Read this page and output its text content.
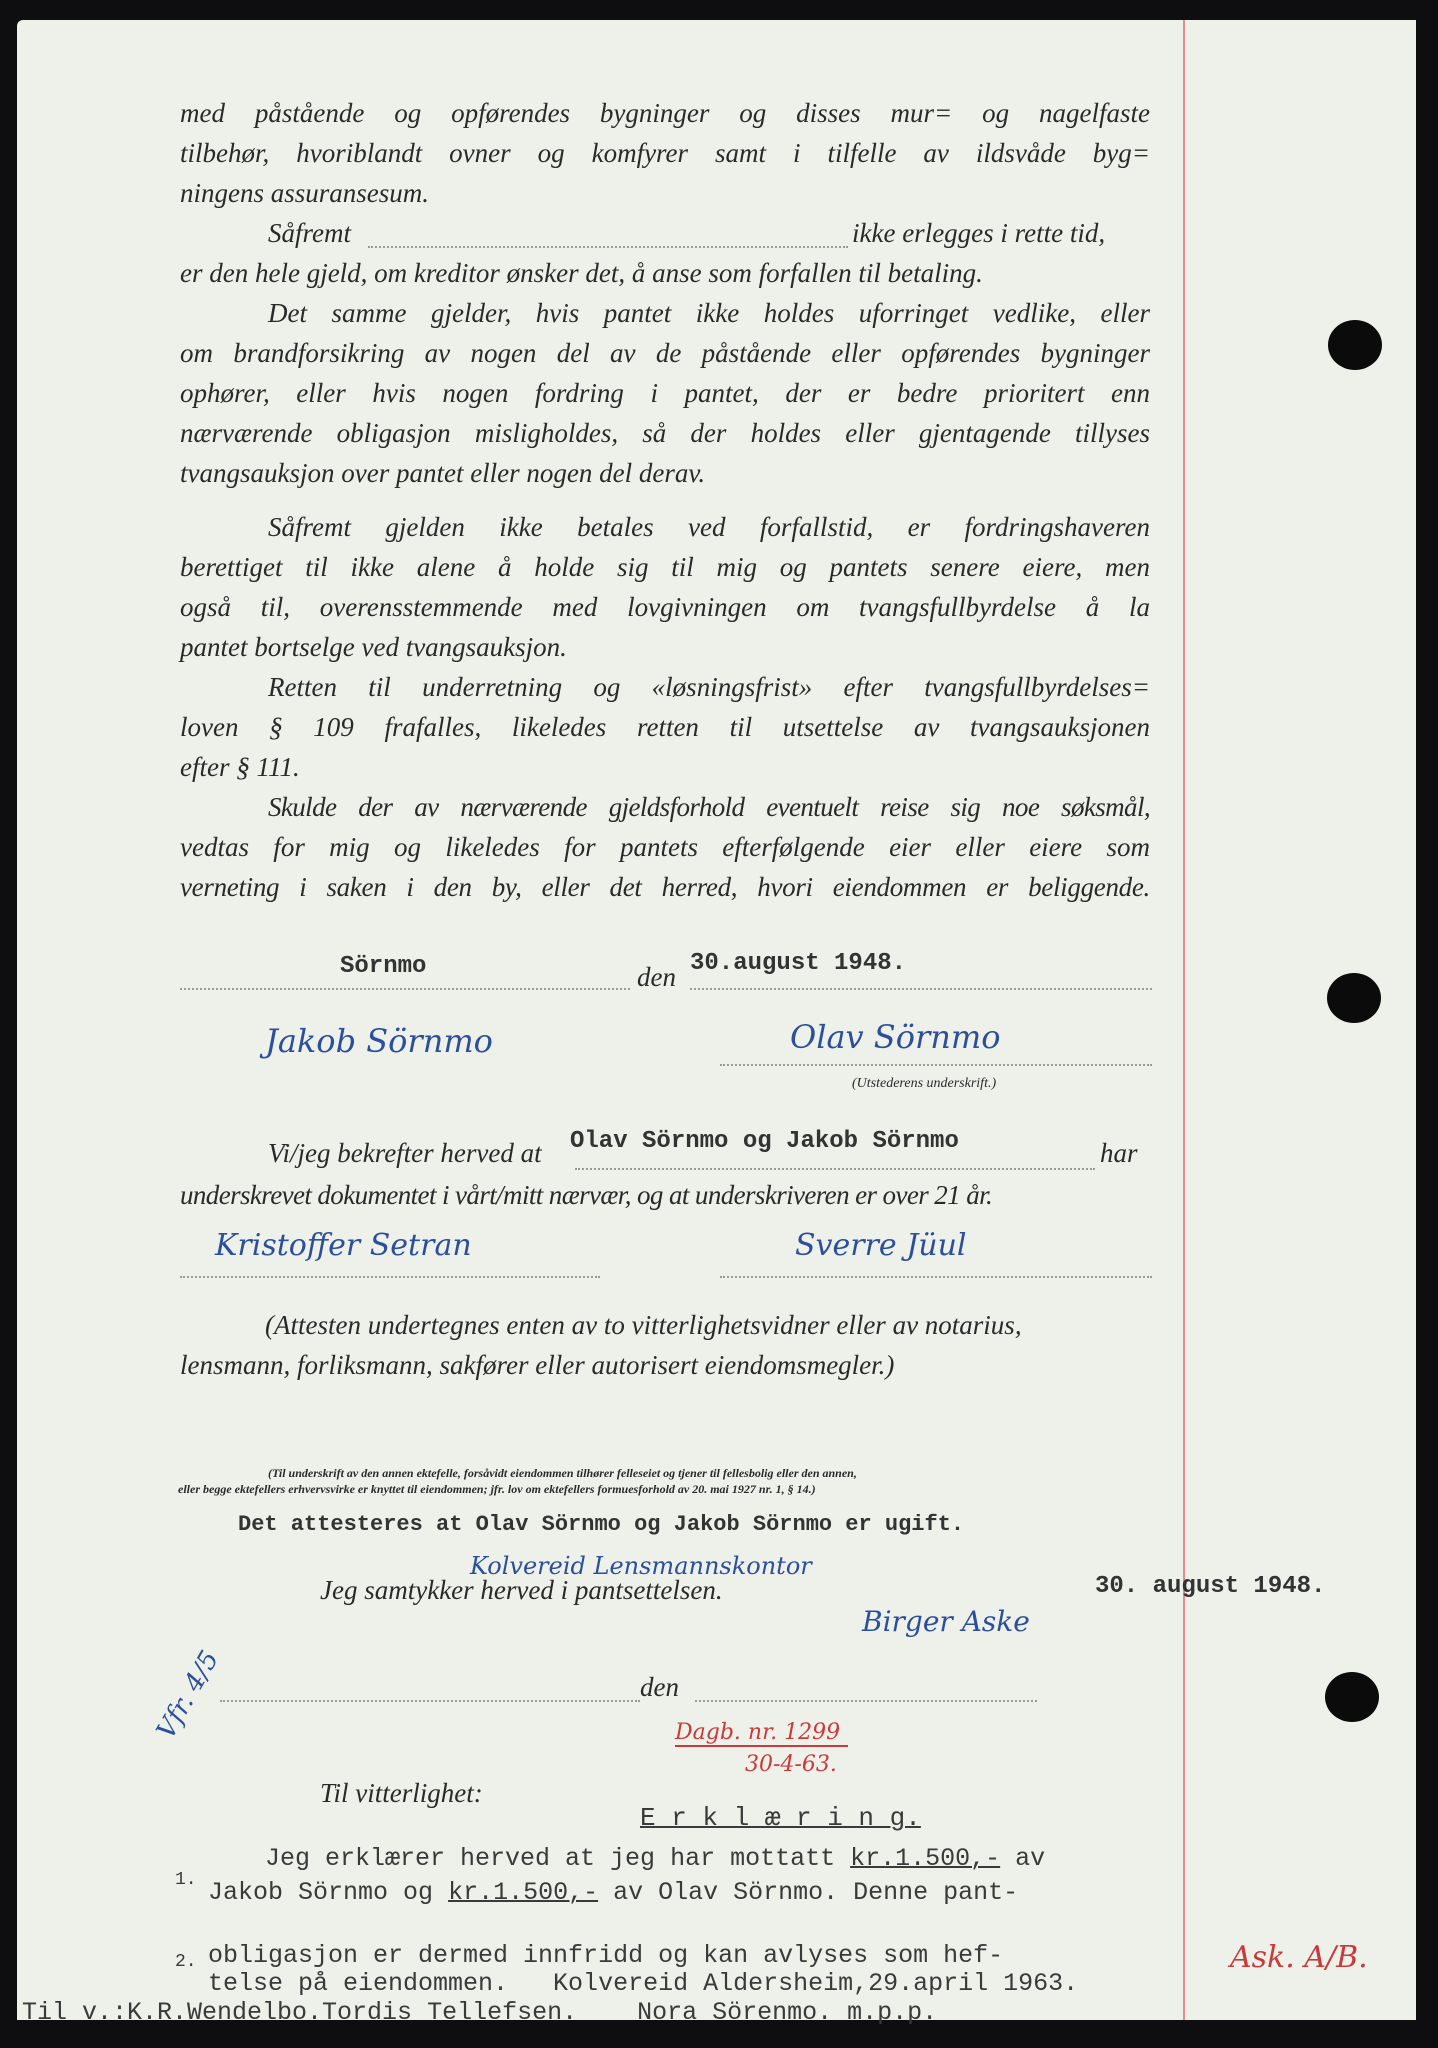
med påstående og opførendes bygninger og disses mur= og nagelfaste
tilbehør, hvoriblandt ovner og komfyrer samt i tilfelle av ildsvåde byg=
ningens assuransesum.
Såfremt	ikke erlegges i rette tid,
er den hele gjeld, om kreditor ønsker det, å anse som forfallen til betaling.
Det samme gjelder, hvis pantet ikke holdes uforringet vedlike, eller
om brandforsikring av nogen del av de påstående eller opførendes bygninger
ophører, eller hvis nogen fordring i pantet, der er bedre prioritert enn
nærværende obligasjon misligholdes, så der holdes eller gjentagende tillyses
tvangsauksjon over pantet eller nogen del derav.
Såfremt gjelden ikke betales ved forfallstid, er fordringshaveren
berettiget til ikke alene å holde sig til mig og pantets senere eiere, men
også til, overensstemmende med lovgivningen om tvangsfullbyrdelse å la
pantet bortselge ved tvangsauksjon.
Retten til underretning og «løsningsfrist» efter tvangsfullbyrdelses=
loven § 109 frafalles, likeledes retten til utsettelse av tvangsauksjonen
efter § 111.
Skulde der av nærværende gjeldsforhold eventuelt reise sig noe søksmål,
vedtas for mig og likeledes for pantets efterfølgende eier eller eiere som
verneting i saken i den by, eller det herred, hvori eiendommen er beliggende.
Sörnmo	den 30.august 1948.
Jakob Sörnmo	Olav Sörnmo
(Utstederens underskrift.)
Vi/jeg bekrefter herved at Olav Sörnmo og Jakob Sörnmo	har
underskrevet dokumentet i vårt/mitt nærvær, og at underskriveren er over 21 år.
Kristoffer Setran	Sverre Jüul
(Attesten undertegnes enten av to vitterlighetsvidner eller av notarius,
lensmann, forliksmann, sakfører eller autorisert eiendomsmegler.)
(Til underskrift av den annen ektefelle, forsåvidt eiendommen tilhører felleseiet og tjener til fellesbolig eller den annen,
eller begge ektefellers erhvervsvirke er knyttet til eiendommen; jfr. lov om ektefellers formuesforhold av 20. mai 1927 nr. 1, § 14.)
Det attesteres at Olav Sörnmo og Jakob Sörnmo er ugift.
Kolvereid Lensmannskontor
Jeg samtykker herved i pantsettelsen.	30. august 1948.
Birger Aske
den
Vfr. 4/5	Dagb. nr. 1299
30-4-63.
Til vitterlighet:
E r k l æ r i n g.
Jeg erklærer herved at jeg har mottatt kr.1.500,- av
1. Jakob Sörnmo og kr.1.500,- av Olav Sörnmo. Denne pant-
obligasjon er dermed innfridd og kan avlyses som hef-
2.
telse på eiendommen.   Kolvereid Aldersheim,29.april 1963.
Til v.:K.R.Wendelbo.Tordis Tellefsen.    Nora Sörenmo. m.p.p.
Ask. A/B.
